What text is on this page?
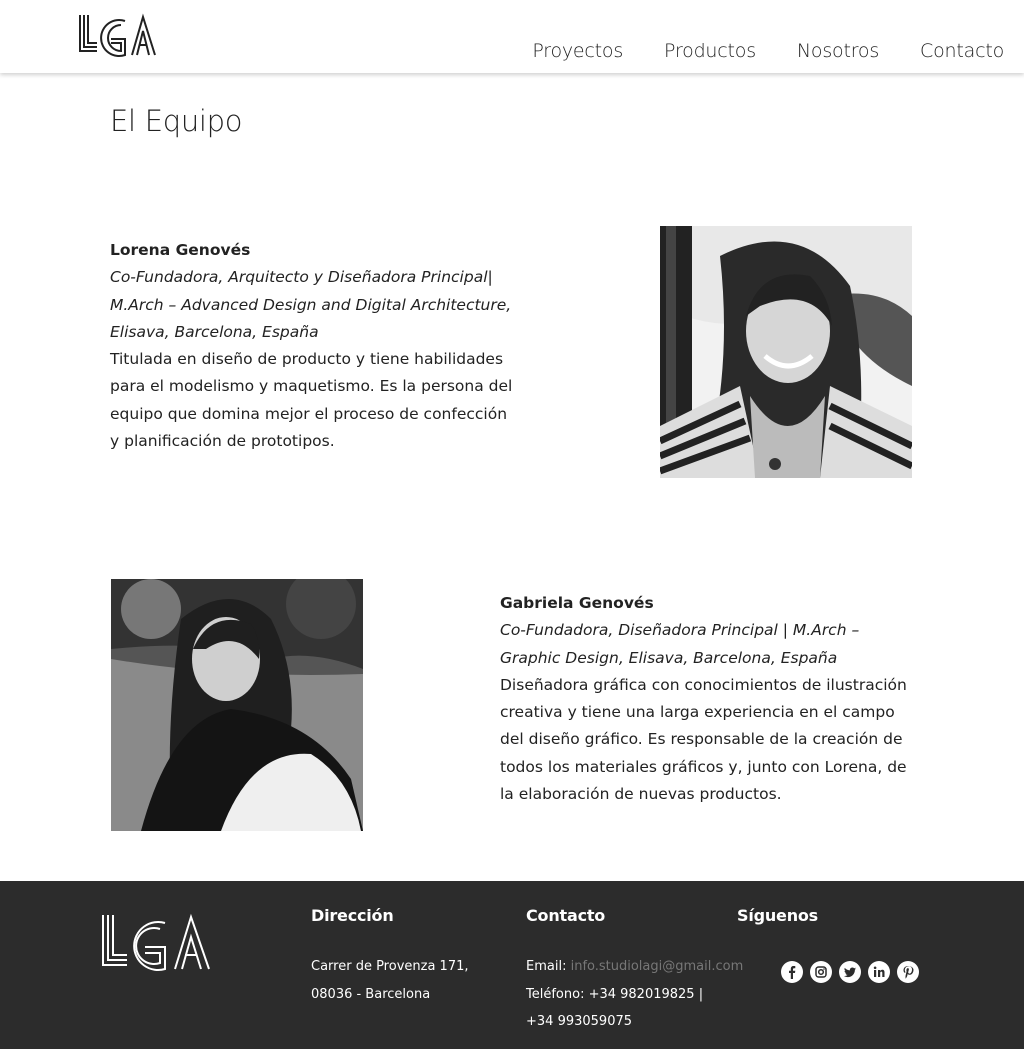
Proyectos Productos Nosotros Contacto
El Equipo
Lorena Genovés
Co-Fundadora, Arquitecto y Diseñadora Principal| M.Arch – Advanced Design and Digital Architecture, Elisava, Barcelona, España
Titulada en diseño de producto y tiene habilidades para el modelismo y maquetismo. Es la persona del equipo que domina mejor el proceso de confección y planificación de prototipos.
Gabriela Genovés
Co-Fundadora, Diseñadora Principal | M.Arch – Graphic Design, Elisava, Barcelona, España
Diseñadora gráfica con conocimientos de ilustración creativa y tiene una larga experiencia en el campo del diseño gráfico. Es responsable de la creación de todos los materiales gráficos y, junto con Lorena, de la elaboración de nuevas productos.
Dirección

Carrer de Provenza 171,

08036 - Barcelona

Contacto

Email: info.studiolagi@gmail.com

Teléfono: +34 982019825 |

+34 993059075

Síguenos
